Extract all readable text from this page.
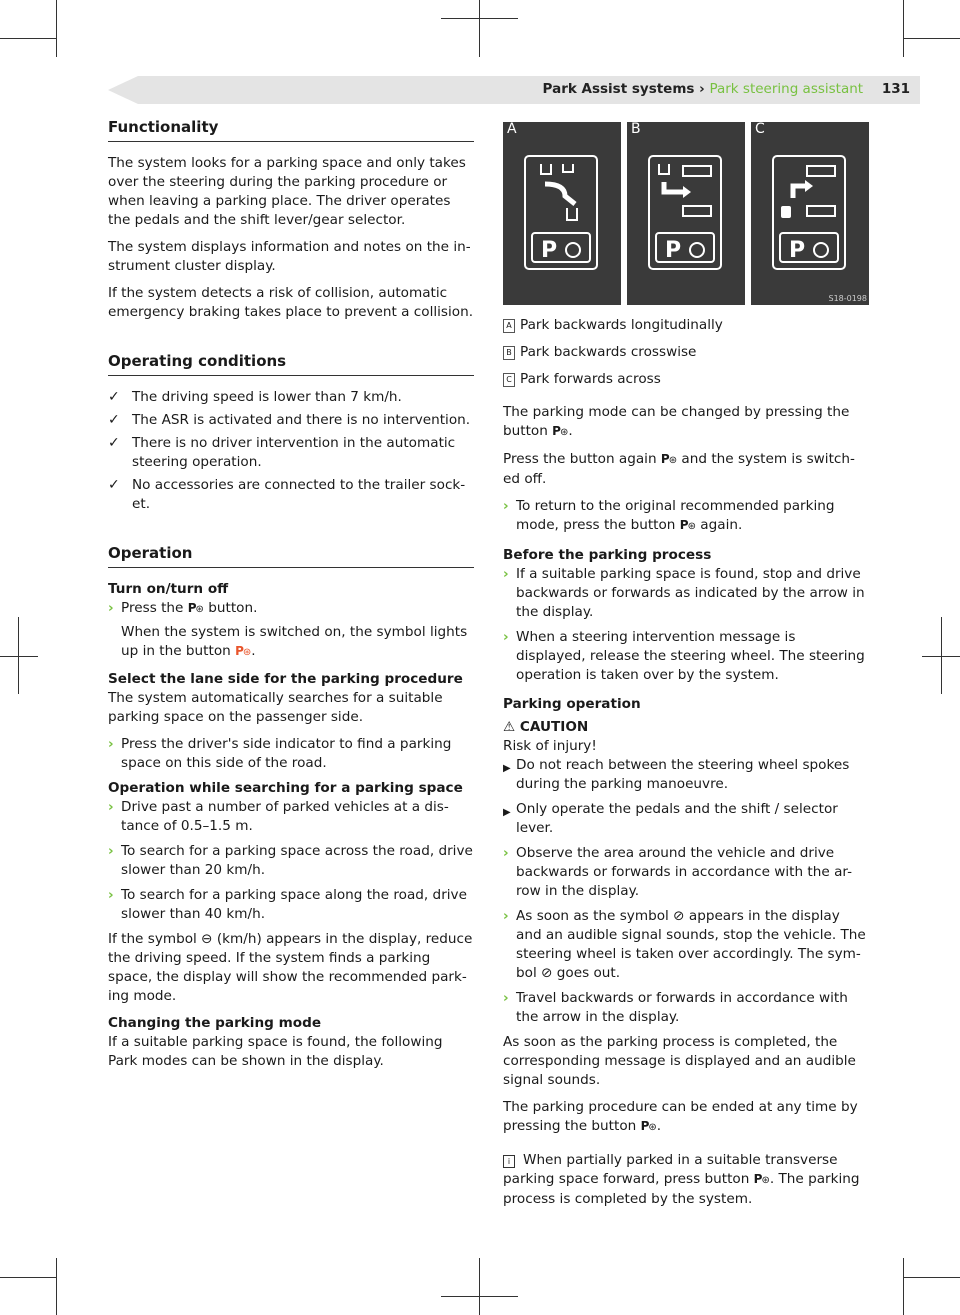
Park Assist systems › Park steering assistant 131
Functionality

The system looks for a parking space and only takes over the steering during the parking procedure or when leaving a parking place. The driver operates the pedals and the shift lever/gear selector.

The system displays information and notes on the in-strument cluster display.

If the system detects a risk of collision, automatic emergency braking takes place to prevent a collision.

Operating conditions
✓ The driving speed is lower than 7 km/h.
✓ The ASR is activated and there is no intervention.
✓ There is no driver intervention in the automatic steering operation.
✓ No accessories are connected to the trailer sock-et.
Operation
Turn on/turn off
› Press the P⊛ button.

When the system is switched on, the symbol lights up in the button P⊛.

Select the lane side for the parking procedure

The system automatically searches for a suitable parking space on the passenger side.

› Press the driver's side indicator to find a parking space on this side of the road.
Operation while searching for a parking space
› Drive past a number of parked vehicles at a dis-tance of 0.5–1.5 m.
› To search for a parking space across the road, drive slower than 20 km/h.
› To search for a parking space along the road, drive slower than 40 km/h.

If the symbol ⊖ (km/h) appears in the display, reduce the driving speed. If the system finds a parking space, the display will show the recommended park-ing mode.

Changing the parking mode

If a suitable parking space is found, the following Park modes can be shown in the display.

P	P	P
S18-0198
A	B	C
A Park backwards longitudinally
B Park backwards crosswise
C Park forwards across

The parking mode can be changed by pressing the button P⊛.

Press the button again P⊛ and the system is switch-ed off.

› To return to the original recommended parking mode, press the button P⊛ again.
Before the parking process
› If a suitable parking space is found, stop and drive backwards or forwards as indicated by the arrow in the display.
› When a steering intervention message is displayed, release the steering wheel. The steering operation is taken over by the system.
Parking operation
⚠ CAUTION
Risk of injury!
▶ Do not reach between the steering wheel spokes during the parking manoeuvre.
▶ Only operate the pedals and the shift / selector lever.
› Observe the area around the vehicle and drive backwards or forwards in accordance with the ar-row in the display.
› As soon as the symbol ⊘ appears in the display and an audible signal sounds, stop the vehicle. The steering wheel is taken over accordingly. The sym-bol ⊘ goes out.
› Travel backwards or forwards in accordance with the arrow in the display.

As soon as the parking process is completed, the corresponding message is displayed and an audible signal sounds.

The parking procedure can be ended at any time by pressing the button P⊛.

i When partially parked in a suitable transverse parking space forward, press button P⊛. The parking process is completed by the system.
